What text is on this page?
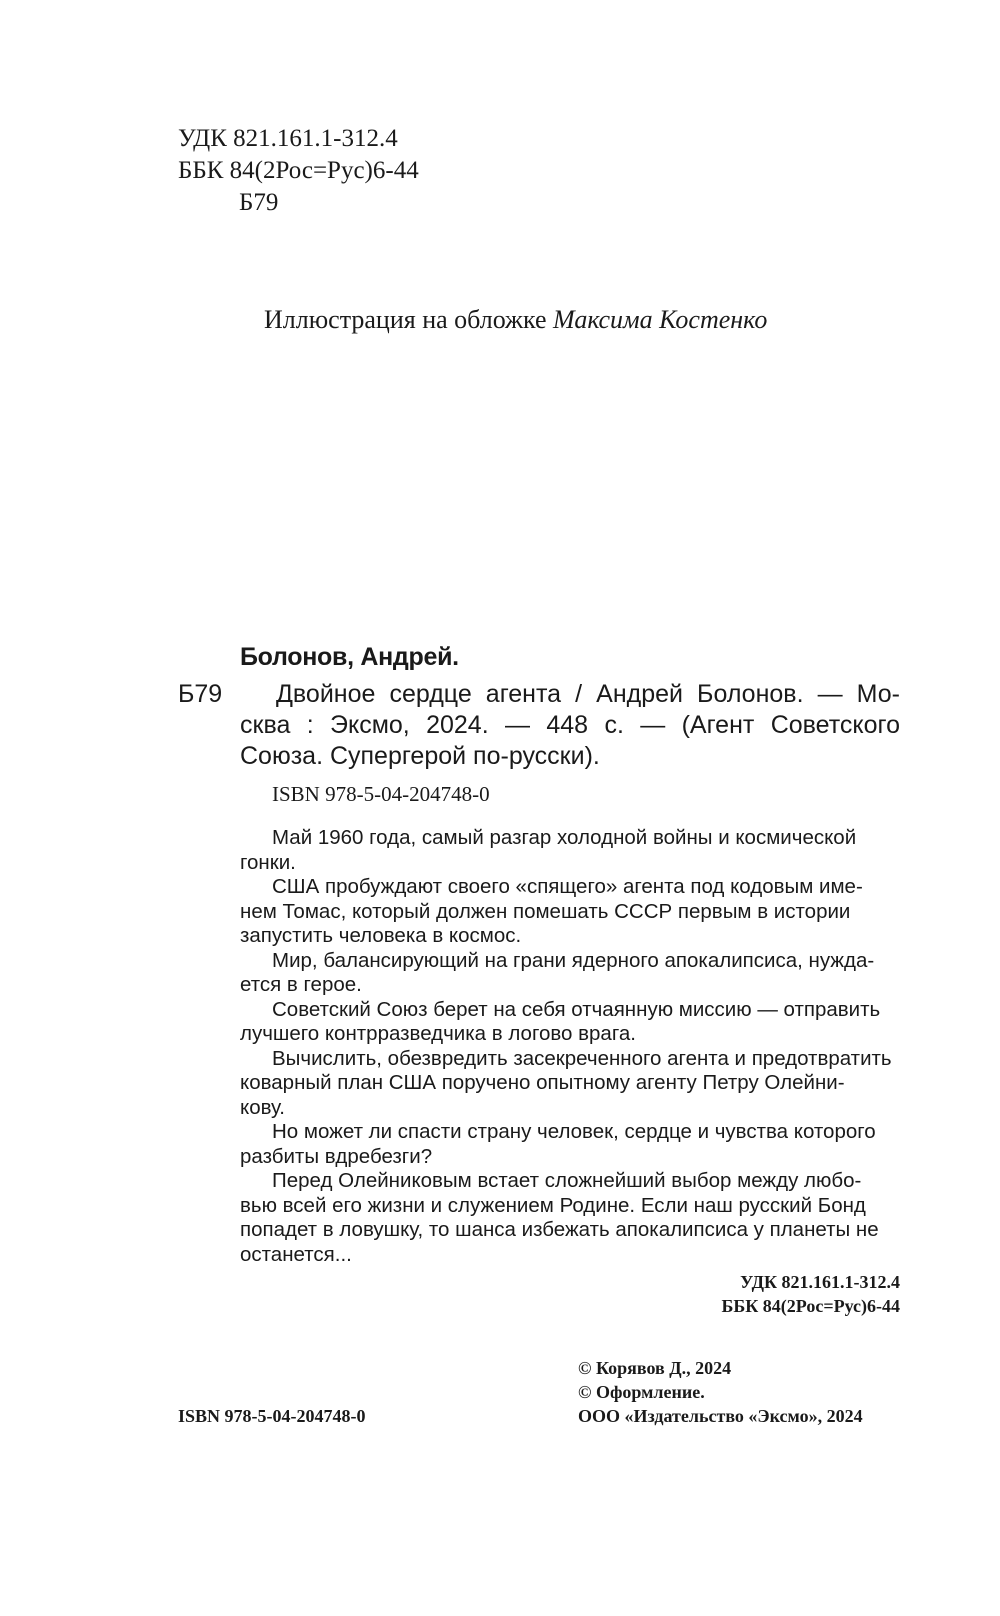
УДК 821.161.1-312.4
ББК 84(2Рос=Рус)6-44
Б79
Иллюстрация на обложке Максима Костенко
Болонов, Андрей.
Б79 Двойное сердце агента / Андрей Болонов. — Мо-
сква : Эксмо, 2024. — 448 с. — (Агент Советского
Союза. Супергерой по-русски).
ISBN 978-5-04-204748-0

Май 1960 года, самый разгар холодной войны и космической

гонки.

США пробуждают своего «спящего» агента под кодовым име-

нем Томас, который должен помешать СССР первым в истории

запустить человека в космос.

Мир, балансирующий на грани ядерного апокалипсиса, нужда-

ется в герое.

Советский Союз берет на себя отчаянную миссию — отправить

лучшего контрразведчика в логово врага.

Вычислить, обезвредить засекреченного агента и предотвратить

коварный план США поручено опытному агенту Петру Олейни-

кову.

Но может ли спасти страну человек, сердце и чувства которого

разбиты вдребезги?

Перед Олейниковым встает сложнейший выбор между любо-

вью всей его жизни и служением Родине. Если наш русский Бонд

попадет в ловушку, то шанса избежать апокалипсиса у планеты не

останется...

УДК 821.161.1-312.4
ББК 84(2Рос=Рус)6-44
© Корявов Д., 2024
© Оформление.
ISBN 978-5-04-204748-0	ООО «Издательство «Эксмо», 2024
